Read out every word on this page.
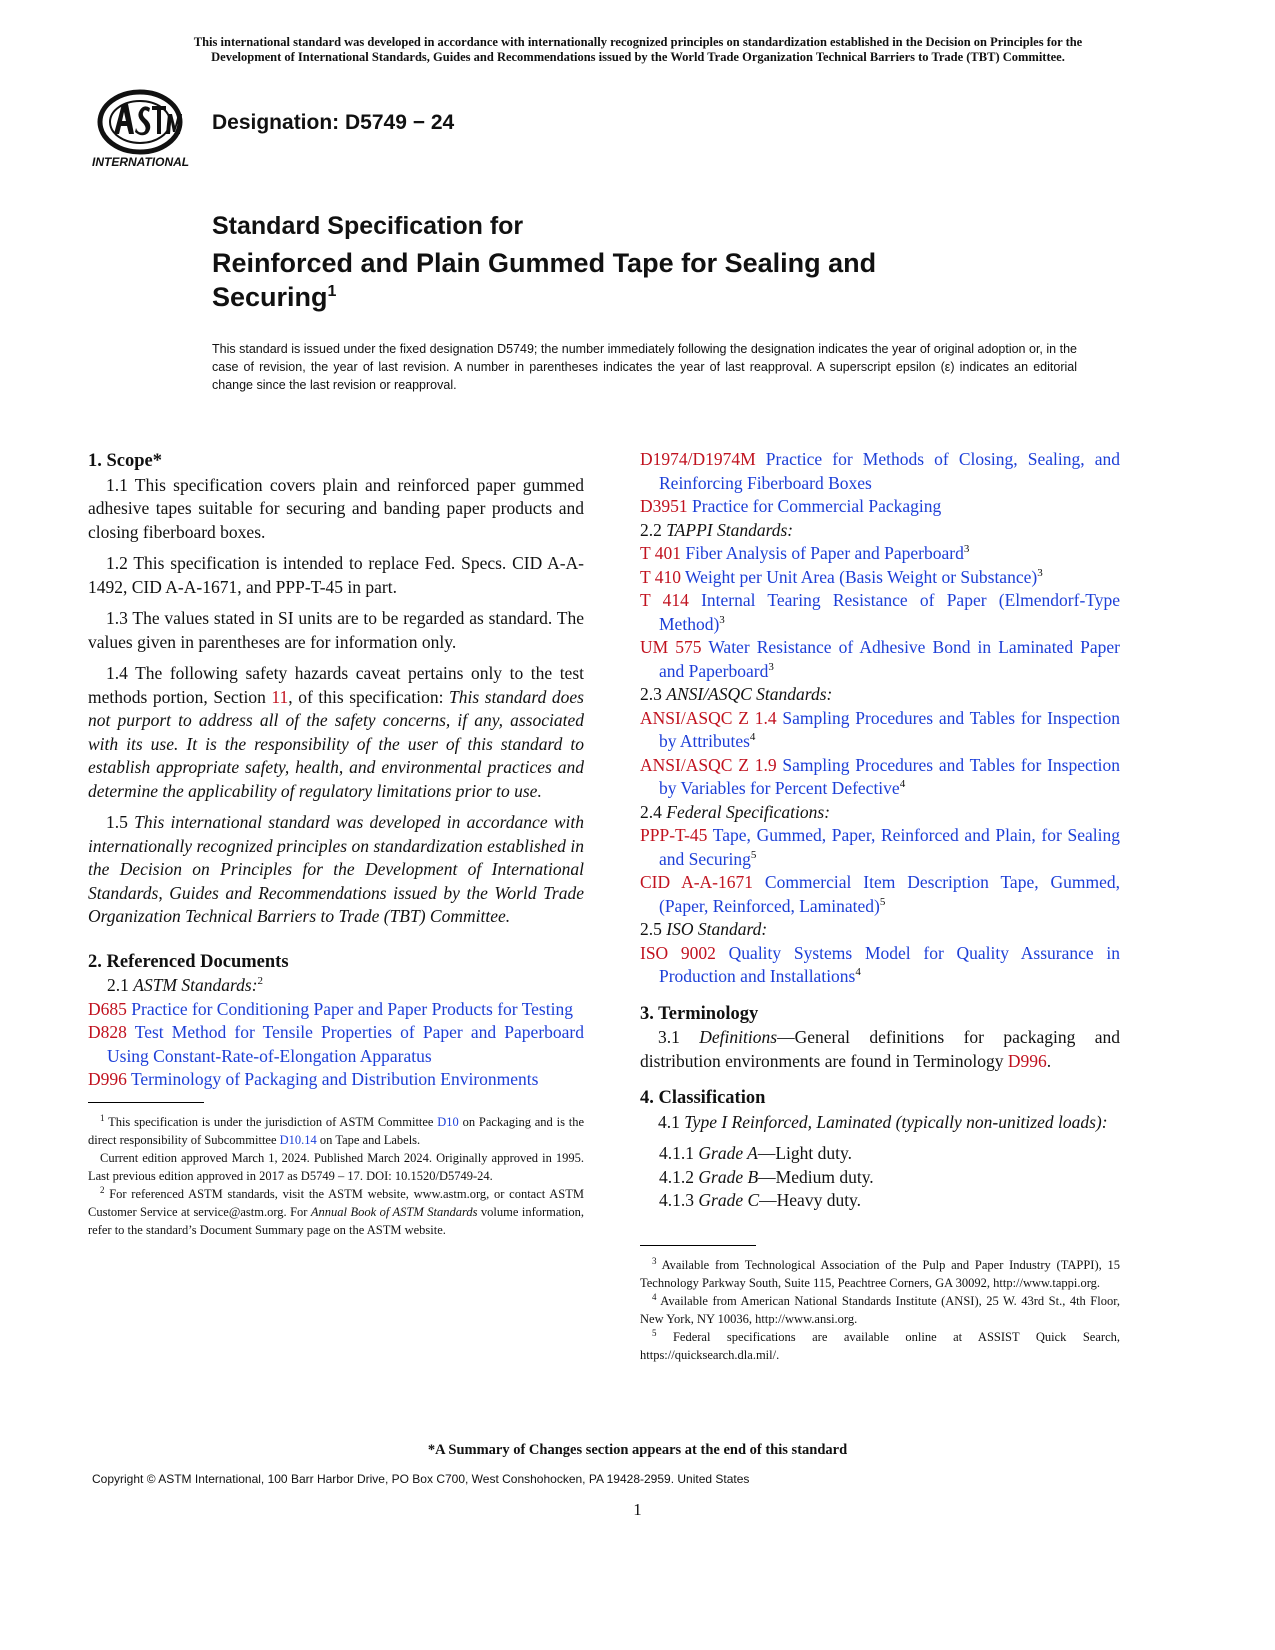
This international standard was developed in accordance with internationally recognized principles on standardization established in the Decision on Principles for the
Development of International Standards, Guides and Recommendations issued by the World Trade Organization Technical Barriers to Trade (TBT) Committee.
INTERNATIONAL
Designation: D5749 − 24
Standard Specification for
Reinforced and Plain Gummed Tape for Sealing and Securing$^1$
This standard is issued under the fixed designation D5749; the number immediately following the designation indicates the year of original adoption or, in the case of revision, the year of last revision. A number in parentheses indicates the year of last reapproval. A superscript epsilon (ε) indicates an editorial change since the last revision or reapproval.

1. Scope*

1.1 This specification covers plain and reinforced paper gummed adhesive tapes suitable for securing and banding paper products and closing fiberboard boxes.

1.2 This specification is intended to replace Fed. Specs. CID A-A-1492, CID A-A-1671, and PPP-T-45 in part.

1.3 The values stated in SI units are to be regarded as standard. The values given in parentheses are for information only.

1.4 The following safety hazards caveat pertains only to the test methods portion, Section 11, of this specification: This standard does not purport to address all of the safety concerns, if any, associated with its use. It is the responsibility of the user of this standard to establish appropriate safety, health, and environmental practices and determine the applicability of regulatory limitations prior to use.

1.5 This international standard was developed in accordance with internationally recognized principles on standardization established in the Decision on Principles for the Development of International Standards, Guides and Recommendations issued by the World Trade Organization Technical Barriers to Trade (TBT) Committee.

2. Referenced Documents

2.1 ASTM Standards:$^2$

D685 Practice for Conditioning Paper and Paper Products for Testing

D828 Test Method for Tensile Properties of Paper and Paperboard Using Constant-Rate-of-Elongation Apparatus

D996 Terminology of Packaging and Distribution Environments

$^1$ This specification is under the jurisdiction of ASTM Committee D10 on Packaging and is the direct responsibility of Subcommittee D10.14 on Tape and Labels.

Current edition approved March 1, 2024. Published March 2024. Originally approved in 1995. Last previous edition approved in 2017 as D5749 – 17. DOI: 10.1520/D5749-24.

$^2$ For referenced ASTM standards, visit the ASTM website, www.astm.org, or contact ASTM Customer Service at service@astm.org. For Annual Book of ASTM Standards volume information, refer to the standard’s Document Summary page on the ASTM website.

D1974/D1974M Practice for Methods of Closing, Sealing, and Reinforcing Fiberboard Boxes

D3951 Practice for Commercial Packaging

2.2 TAPPI Standards:

T 401 Fiber Analysis of Paper and Paperboard$^3$

T 410 Weight per Unit Area (Basis Weight or Substance)$^3$

T 414 Internal Tearing Resistance of Paper (Elmendorf-Type Method)$^3$

UM 575 Water Resistance of Adhesive Bond in Laminated Paper and Paperboard$^3$

2.3 ANSI/ASQC Standards:

ANSI/ASQC Z 1.4 Sampling Procedures and Tables for Inspection by Attributes$^4$

ANSI/ASQC Z 1.9 Sampling Procedures and Tables for Inspection by Variables for Percent Defective$^4$

2.4 Federal Specifications:

PPP-T-45 Tape, Gummed, Paper, Reinforced and Plain, for Sealing and Securing$^5$

CID A-A-1671 Commercial Item Description Tape, Gummed, (Paper, Reinforced, Laminated)$^5$

2.5 ISO Standard:

ISO 9002 Quality Systems Model for Quality Assurance in Production and Installations$^4$

3. Terminology

3.1 Definitions—General definitions for packaging and distribution environments are found in Terminology D996.

4. Classification

4.1 Type I Reinforced, Laminated (typically non-unitized loads):

4.1.1 Grade A—Light duty.

4.1.2 Grade B—Medium duty.

4.1.3 Grade C—Heavy duty.

$^3$ Available from Technological Association of the Pulp and Paper Industry (TAPPI), 15 Technology Parkway South, Suite 115, Peachtree Corners, GA 30092, http://www.tappi.org.

$^4$ Available from American National Standards Institute (ANSI), 25 W. 43rd St., 4th Floor, New York, NY 10036, http://www.ansi.org.

$^5$ Federal specifications are available online at ASSIST Quick Search, https://quicksearch.dla.mil/.

*A Summary of Changes section appears at the end of this standard
Copyright © ASTM International, 100 Barr Harbor Drive, PO Box C700, West Conshohocken, PA 19428-2959. United States
1
